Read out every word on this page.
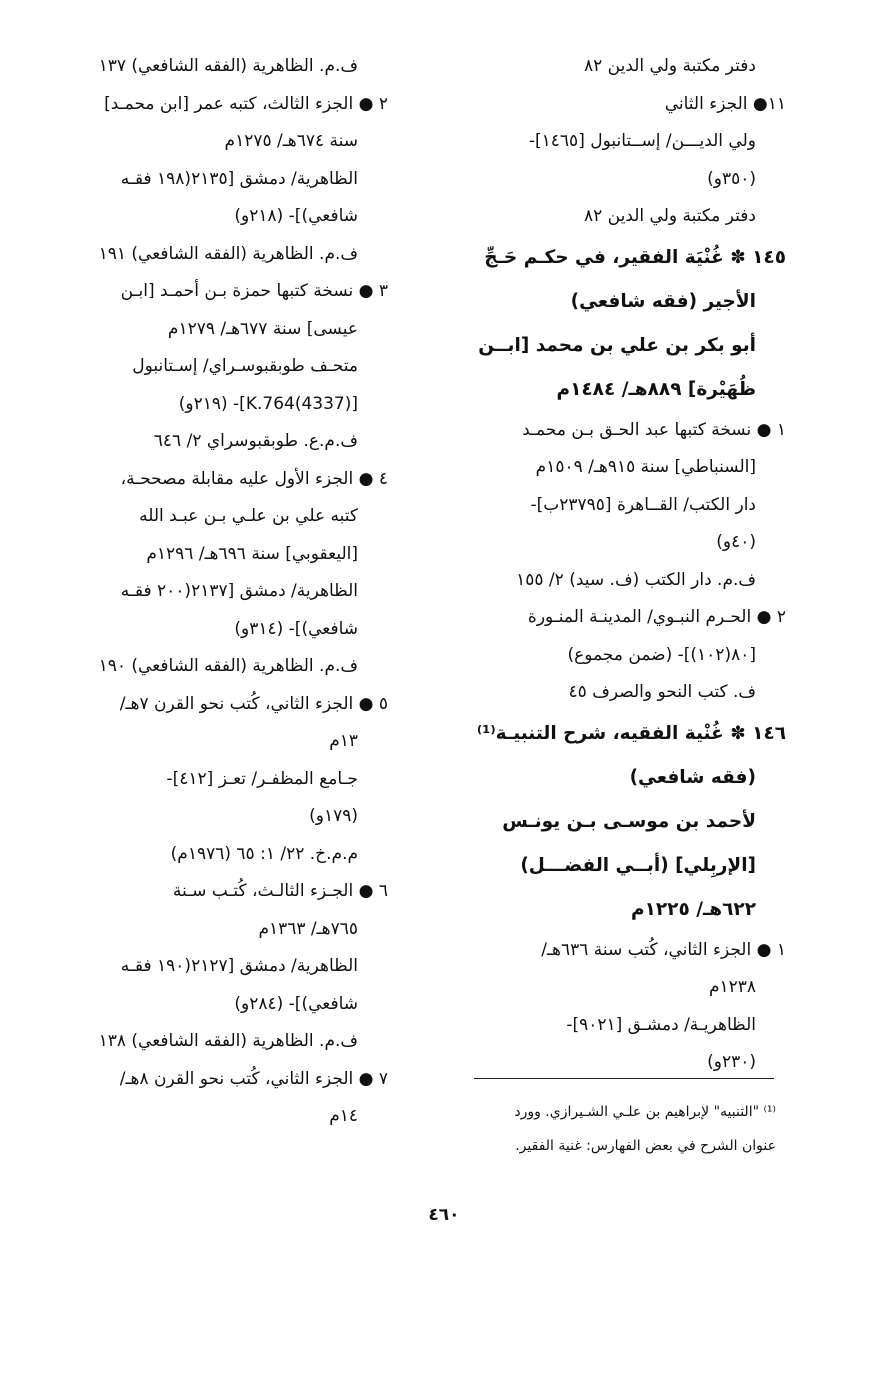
دفتر مكتبة ولي الدين ٨٢
١١● الجزء الثاني
ولي الديـــن/ إســتانبول [١٤٦٥]-
(٣٥٠و)
دفتر مكتبة ولي الدين ٨٢
١٤٥ ✽ غُنْيَة الفقير، في حكـم حَـجِّ
الأجير (فقه شافعي)
أبو بكر بن علي بن محمد [ابــن
ظُهَيْرة] ٨٨٩هـ/ ١٤٨٤م
١ ● نسخة كتبها عبد الحـق بـن محمـد
[السنباطي] سنة ٩١٥هـ/ ١٥٠٩م
دار الكتب/ القــاهرة [٢٣٧٩٥ب]-
(٤٠و)
ف.م. دار الكتب (ف. سيد) ٢/ ١٥٥
٢ ● الحـرم النبـوي/ المدينـة المنـورة
[٨٠(١٠٢)]- (ضمن مجموع)
ف. كتب النحو والصرف ٤٥
١٤٦ ✽ غُنْية الفقيه، شرح التنبيـة⁽¹⁾
(فقه شافعي)
لأحمد بن موسـى بـن يونـس
[الإربِلي] (أبــي الفضـــل)
٦٢٢هـ/ ١٢٢٥م
١ ● الجزء الثاني، كُتب سنة ٦٣٦هـ/
١٢٣٨م
الظاهريـة/ دمشـق [٩٠٢١]-
(٢٣٠و)
ف.م. الظاهرية (الفقه الشافعي) ١٣٧
٢ ● الجزء الثالث، كتبه عمر [ابن محمـد]
سنة ٦٧٤هـ/ ١٢٧٥م
الظاهرية/ دمشق [٢١٣٥(١٩٨ فقـه
شافعي)]- (٢١٨و)
ف.م. الظاهرية (الفقه الشافعي) ١٩١
٣ ● نسخة كتبها حمزة بـن أحمـد [ابـن
عيسى] سنة ٦٧٧هـ/ ١٢٧٩م
متحـف طوبقبوسـراي/ إسـتانبول
[K.764(4337)]- (٢١٩و)
ف.م.ع. طوبقبوسراي ٢/ ٦٤٦
٤ ● الجزء الأول عليه مقابلة مصححـة،
كتبه علي بن علـي بـن عبـد الله
[اليعقوبي] سنة ٦٩٦هـ/ ١٢٩٦م
الظاهرية/ دمشق [٢١٣٧(٢٠٠ فقـه
شافعي)]- (٣١٤و)
ف.م. الظاهرية (الفقه الشافعي) ١٩٠
٥ ● الجزء الثاني، كُتب نحو القرن ٧هـ/
١٣م
جـامع المظفـر/ تعـز [٤١٢]-
(١٧٩و)
م.م.خ. ٢٢/ ١: ٦٥ (١٩٧٦م)
٦ ● الجـزء الثالـث، كُتـب سـنة
٧٦٥هـ/ ١٣٦٣م
الظاهرية/ دمشق [٢١٢٧(١٩٠ فقـه
شافعي)]- (٢٨٤و)
ف.م. الظاهرية (الفقه الشافعي) ١٣٨
٧ ● الجزء الثاني، كُتب نحو القرن ٨هـ/
١٤م	⁽¹⁾ "التنبيه" لإبراهيم بن علـي الشـيرازي. وورد
عنوان الشرح في بعض الفهارس: غنية الفقير.
٤٦٠
